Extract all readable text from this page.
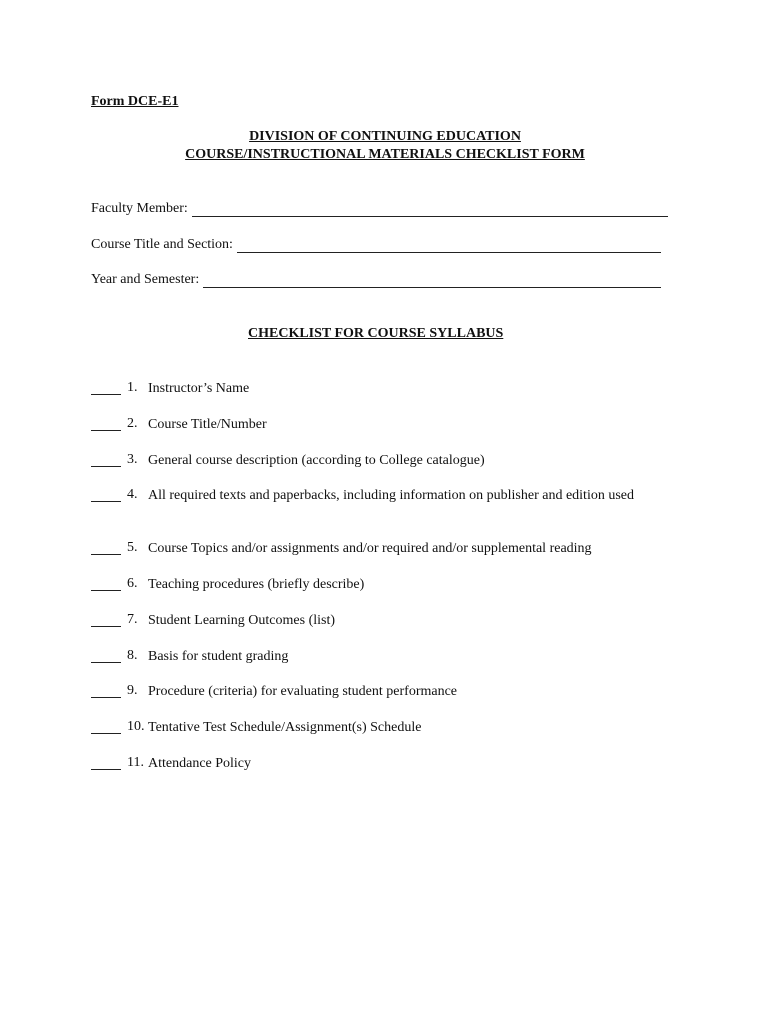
Form DCE-E1
DIVISION OF CONTINUING EDUCATION
COURSE/INSTRUCTIONAL MATERIALS CHECKLIST FORM
Faculty Member:
Course Title and Section:
Year and Semester:
CHECKLIST FOR COURSE SYLLABUS
1. Instructor’s Name
2. Course Title/Number
3. General course description (according to College catalogue)
4. All required texts and paperbacks, including information on publisher and edition used
5. Course Topics and/or assignments and/or required and/or supplemental reading
6. Teaching procedures (briefly describe)
7. Student Learning Outcomes (list)
8. Basis for student grading
9. Procedure (criteria) for evaluating student performance
10. Tentative Test Schedule/Assignment(s) Schedule
11. Attendance Policy
